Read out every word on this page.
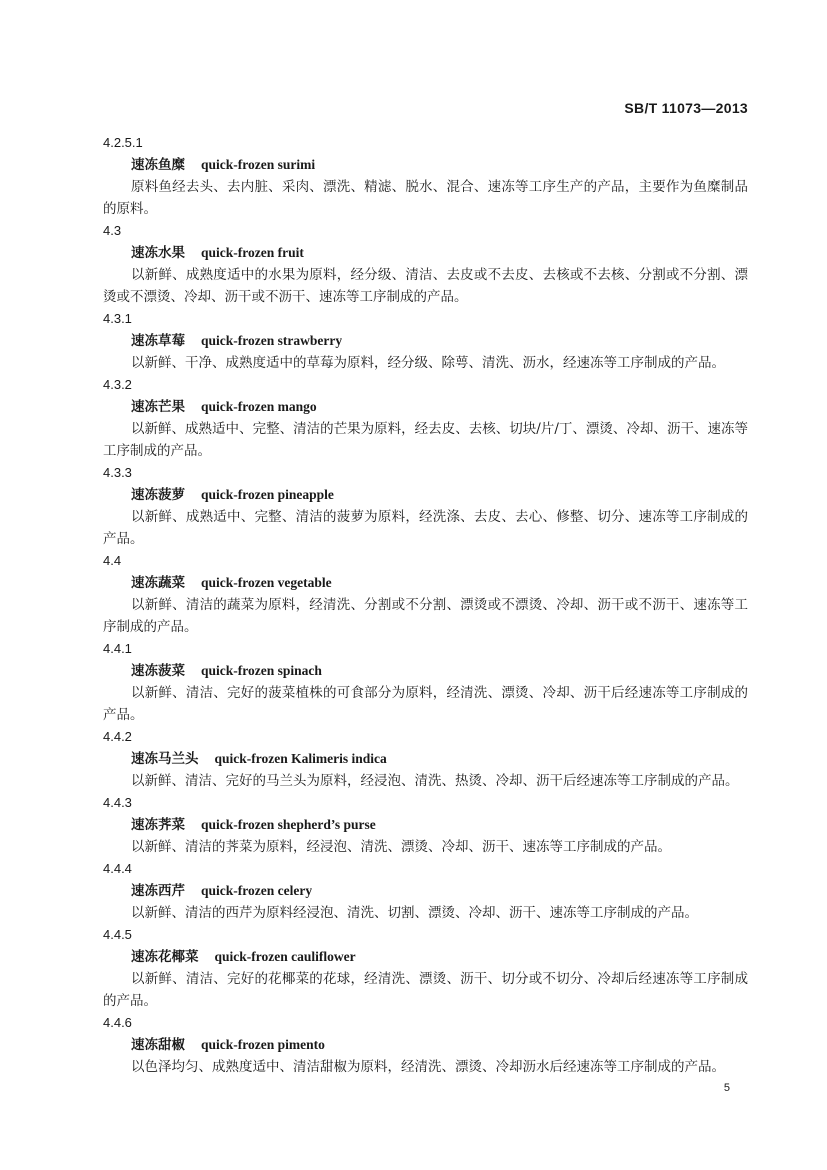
SB/T 11073—2013
4.2.5.1
速冻鱼糜 quick-frozen surimi

原料鱼经去头、去内脏、采肉、漂洗、精滤、脱水、混合、速冻等工序生产的产品，主要作为鱼糜制品的原料。

4.3
速冻水果 quick-frozen fruit

以新鲜、成熟度适中的水果为原料，经分级、清洁、去皮或不去皮、去核或不去核、分割或不分割、漂烫或不漂烫、冷却、沥干或不沥干、速冻等工序制成的产品。

4.3.1
速冻草莓 quick-frozen strawberry

以新鲜、干净、成熟度适中的草莓为原料，经分级、除萼、清洗、沥水，经速冻等工序制成的产品。

4.3.2
速冻芒果 quick-frozen mango

以新鲜、成熟适中、完整、清洁的芒果为原料，经去皮、去核、切块/片/丁、漂烫、冷却、沥干、速冻等工序制成的产品。

4.3.3
速冻菠萝 quick-frozen pineapple

以新鲜、成熟适中、完整、清洁的菠萝为原料，经洗涤、去皮、去心、修整、切分、速冻等工序制成的产品。

4.4
速冻蔬菜 quick-frozen vegetable

以新鲜、清洁的蔬菜为原料，经清洗、分割或不分割、漂烫或不漂烫、冷却、沥干或不沥干、速冻等工序制成的产品。

4.4.1
速冻菠菜 quick-frozen spinach

以新鲜、清洁、完好的菠菜植株的可食部分为原料，经清洗、漂烫、冷却、沥干后经速冻等工序制成的产品。

4.4.2
速冻马兰头 quick-frozen Kalimeris indica

以新鲜、清洁、完好的马兰头为原料，经浸泡、清洗、热烫、冷却、沥干后经速冻等工序制成的产品。

4.4.3
速冻荠菜 quick-frozen shepherd’s purse

以新鲜、清洁的荠菜为原料，经浸泡、清洗、漂烫、冷却、沥干、速冻等工序制成的产品。

4.4.4
速冻西芹 quick-frozen celery

以新鲜、清洁的西芹为原料经浸泡、清洗、切割、漂烫、冷却、沥干、速冻等工序制成的产品。

4.4.5
速冻花椰菜 quick-frozen cauliflower

以新鲜、清洁、完好的花椰菜的花球，经清洗、漂烫、沥干、切分或不切分、冷却后经速冻等工序制成的产品。

4.4.6
速冻甜椒 quick-frozen pimento

以色泽均匀、成熟度适中、清洁甜椒为原料，经清洗、漂烫、冷却沥水后经速冻等工序制成的产品。

5
